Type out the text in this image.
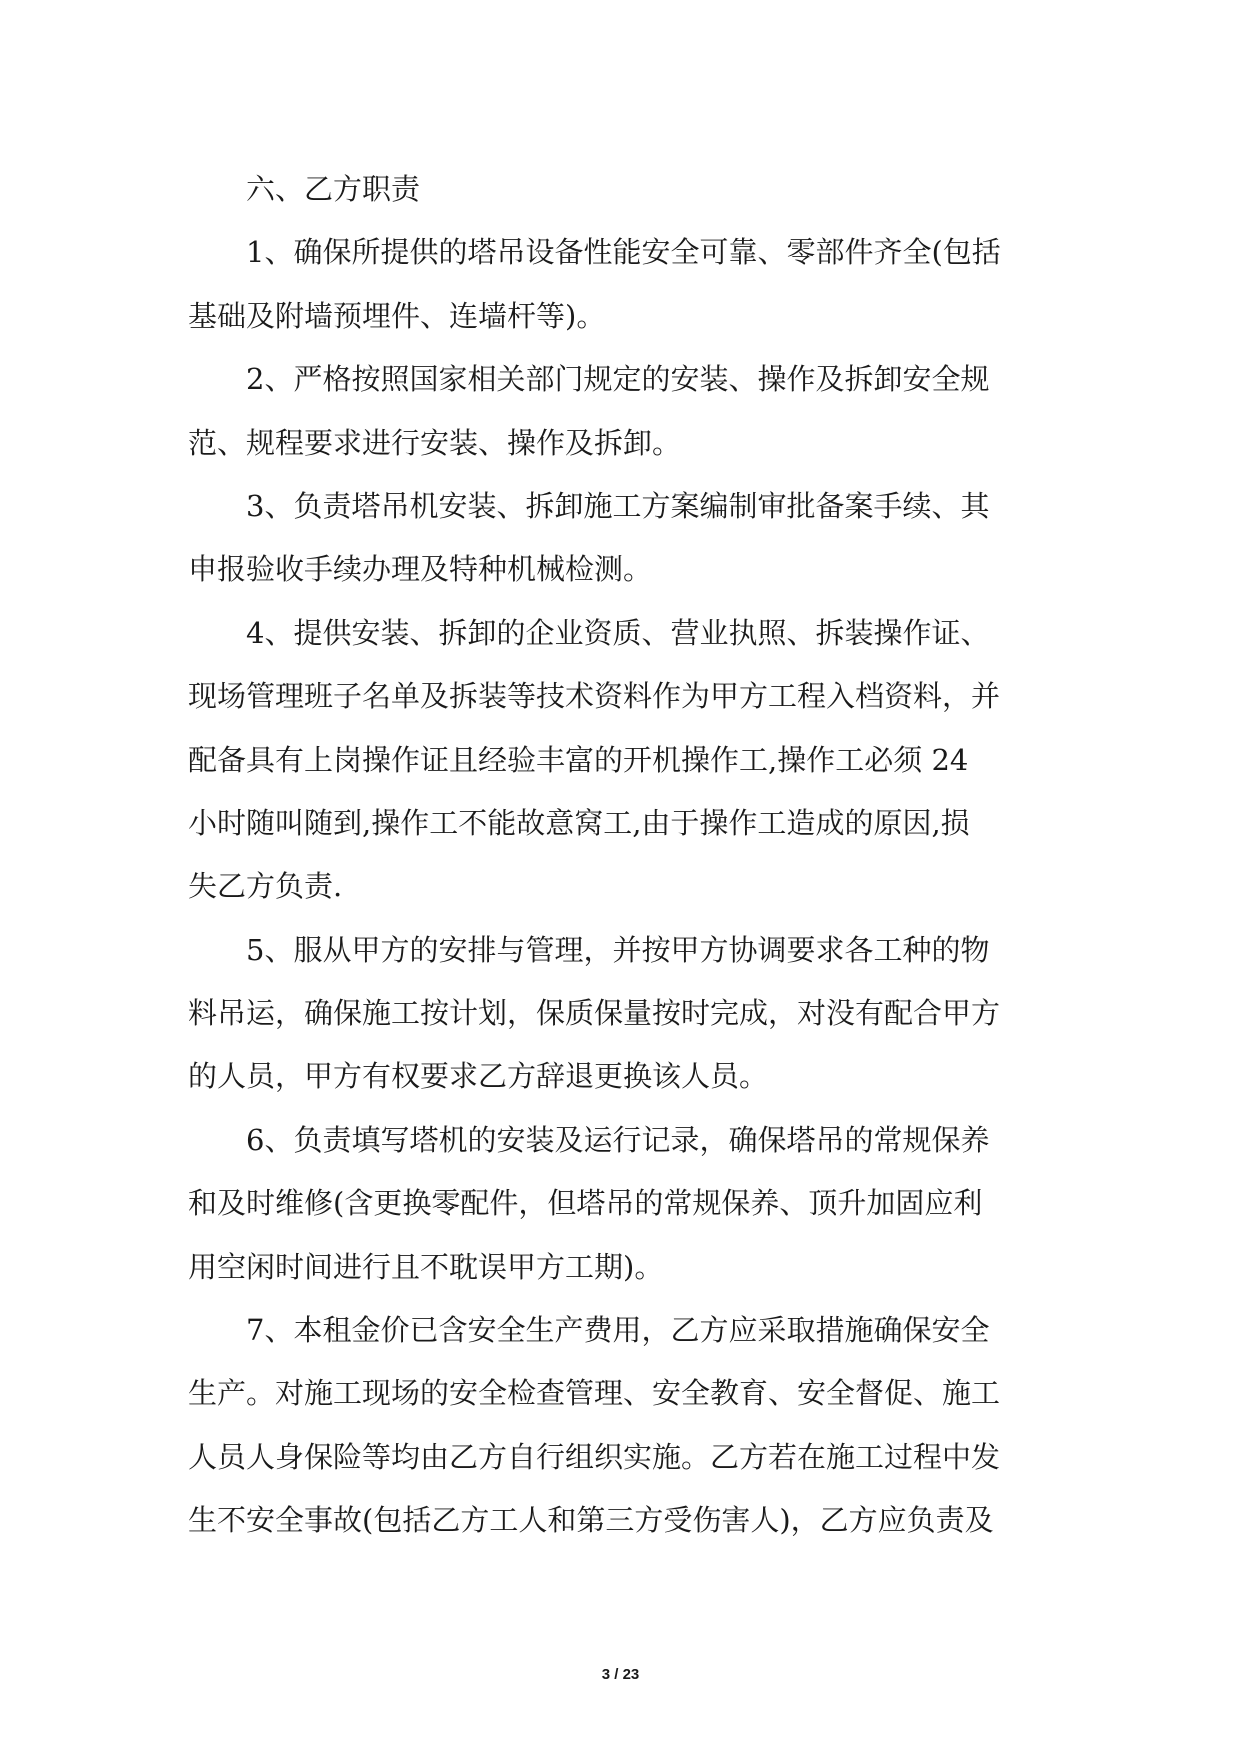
六、乙方职责
1、确保所提供的塔吊设备性能安全可靠、零部件齐全(包括
基础及附墙预埋件、连墙杆等)。
2、严格按照国家相关部门规定的安装、操作及拆卸安全规
范、规程要求进行安装、操作及拆卸。
3、负责塔吊机安装、拆卸施工方案编制审批备案手续、其
申报验收手续办理及特种机械检测。
4、提供安装、拆卸的企业资质、营业执照、拆装操作证、
现场管理班子名单及拆装等技术资料作为甲方工程入档资料，并
配备具有上岗操作证且经验丰富的开机操作工,操作工必须 24
小时随叫随到,操作工不能故意窝工,由于操作工造成的原因,损
失乙方负责.
5、服从甲方的安排与管理，并按甲方协调要求各工种的物
料吊运，确保施工按计划，保质保量按时完成，对没有配合甲方
的人员，甲方有权要求乙方辞退更换该人员。
6、负责填写塔机的安装及运行记录，确保塔吊的常规保养
和及时维修(含更换零配件，但塔吊的常规保养、顶升加固应利
用空闲时间进行且不耽误甲方工期)。
7、本租金价已含安全生产费用，乙方应采取措施确保安全
生产。对施工现场的安全检查管理、安全教育、安全督促、施工
人员人身保险等均由乙方自行组织实施。乙方若在施工过程中发
生不安全事故(包括乙方工人和第三方受伤害人)，乙方应负责及
3 / 23
